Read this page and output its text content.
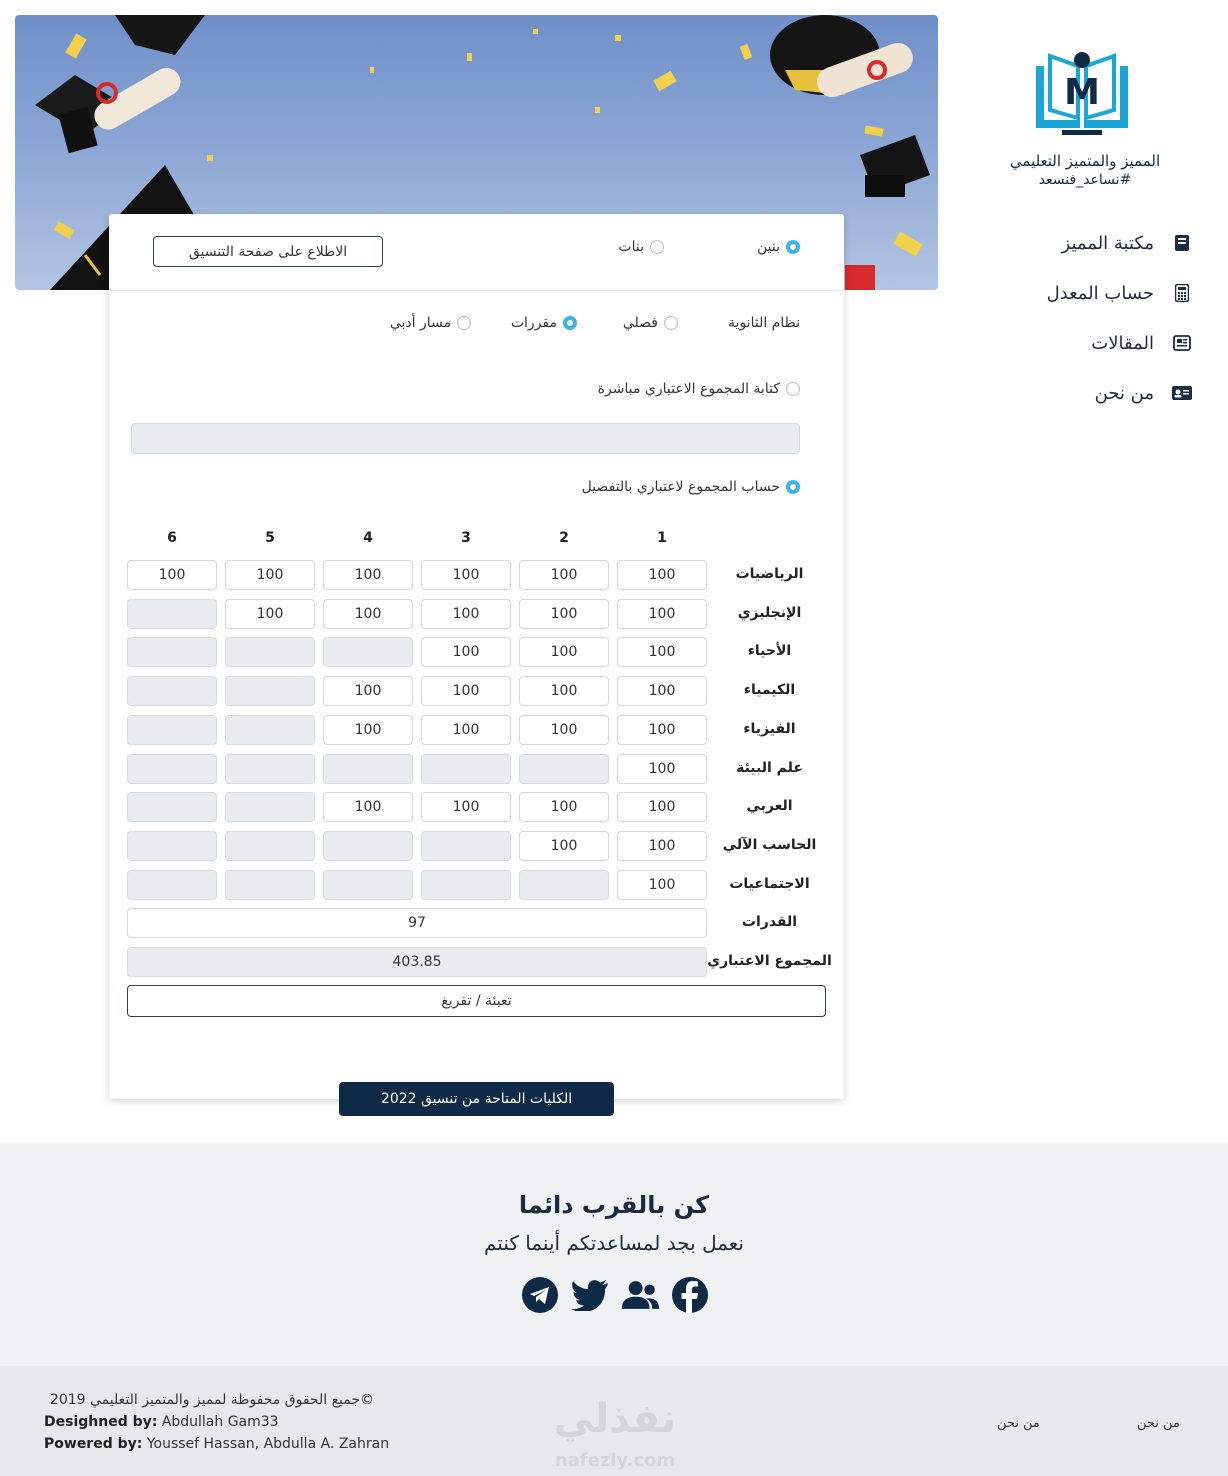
M
المميز والمتميز التعليمي
#نساعد_فنسعد
مكتبة المميز
حساب المعدل
المقالات
من نحن
بنين
بنات
الاطلاع على صفحة التنسيق
نظام الثانوية
فصلي
مقررات
مسار أدبي
كتابة المجموع الاعتباري مباشرة
حساب المجموع لاعتباري بالتفصيل
1
2
3
4
5
6
الرياضيات
100
100
100
100
100
100
الإنجليزي
100
100
100
100
100
الأحياء
100
100
100
الكيمياء
100
100
100
100
الفيزياء
100
100
100
100
علم البيئة
100
العربي
100
100
100
100
الحاسب الآلي
100
100
الاجتماعيات
100
القدرات
97
المجموع الاعتباري
403.85
تعبئة / تفريغ
الكليات المتاحة من تنسيق 2022
كن بالقرب دائما
نعمل بجد لمساعدتكم أينما كنتم
نفذلي
nafezly.com
©جميع الحقوق محفوظة لمميز والمتميز التعليمي 2019
Desighned by: Abdullah Gam33
Powered by: Youssef Hassan, Abdulla A. Zahran
من نحن	من نحن
